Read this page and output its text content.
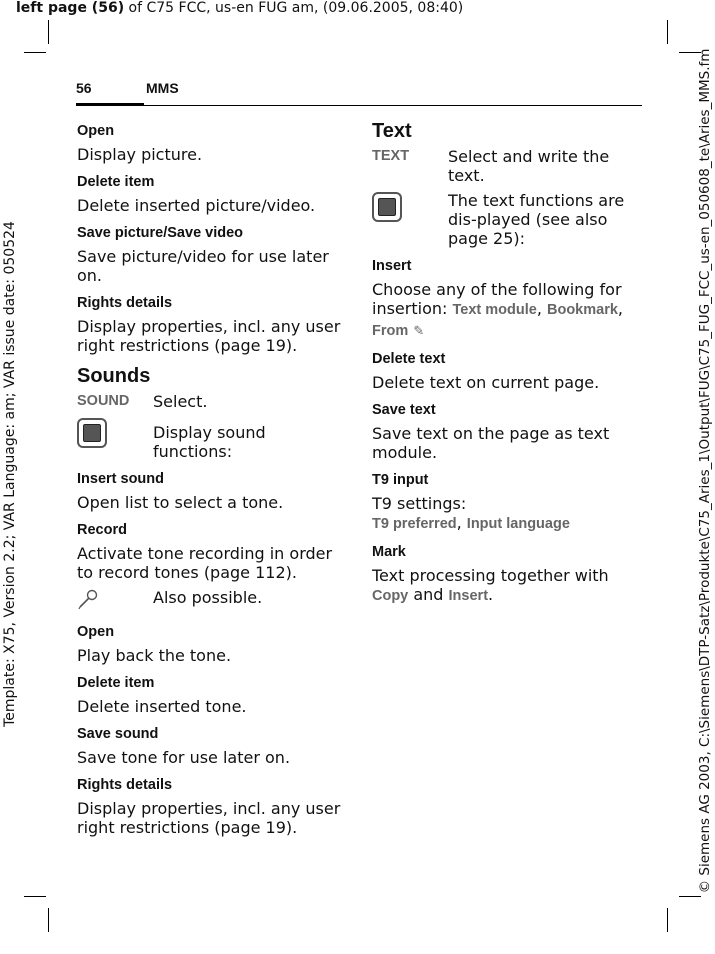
left page (56) of C75 FCC, us-en FUG am, (09.06.2005, 08:40)
Template: X75, Version 2.2; VAR Language: am; VAR issue date: 050524	© Siemens AG 2003, C:\Siemens\DTP-Satz\Produkte\C75_Aries_1\Output\FUG\C75_FUG_FCC_us-en_050608_te\Aries_MMS.fm
56	MMS
Open
Display picture.
Delete item
Delete inserted picture/video.
Save picture/Save video
Save picture/video for use later on.
Rights details
Display properties, incl. any user right restrictions (page 19).
Sounds
SOUND	Select.
Display sound functions:
Insert sound
Open list to select a tone.
Record
Activate tone recording in order to record tones (page 112).
Also possible.
Open
Play back the tone.
Delete item
Delete inserted tone.
Save sound
Save tone for use later on.
Rights details
Display properties, incl. any user right restrictions (page 19).
Text
TEXT	Select and write the text.
The text functions are dis-played (see also page 25):
Insert
Choose any of the following for insertion: Text module, Bookmark,
From ✎
Delete text
Delete text on current page.
Save text
Save text on the page as text module.
T9 input
T9 settings:
T9 preferred, Input language
Mark
Text processing together with
Copy and Insert.
